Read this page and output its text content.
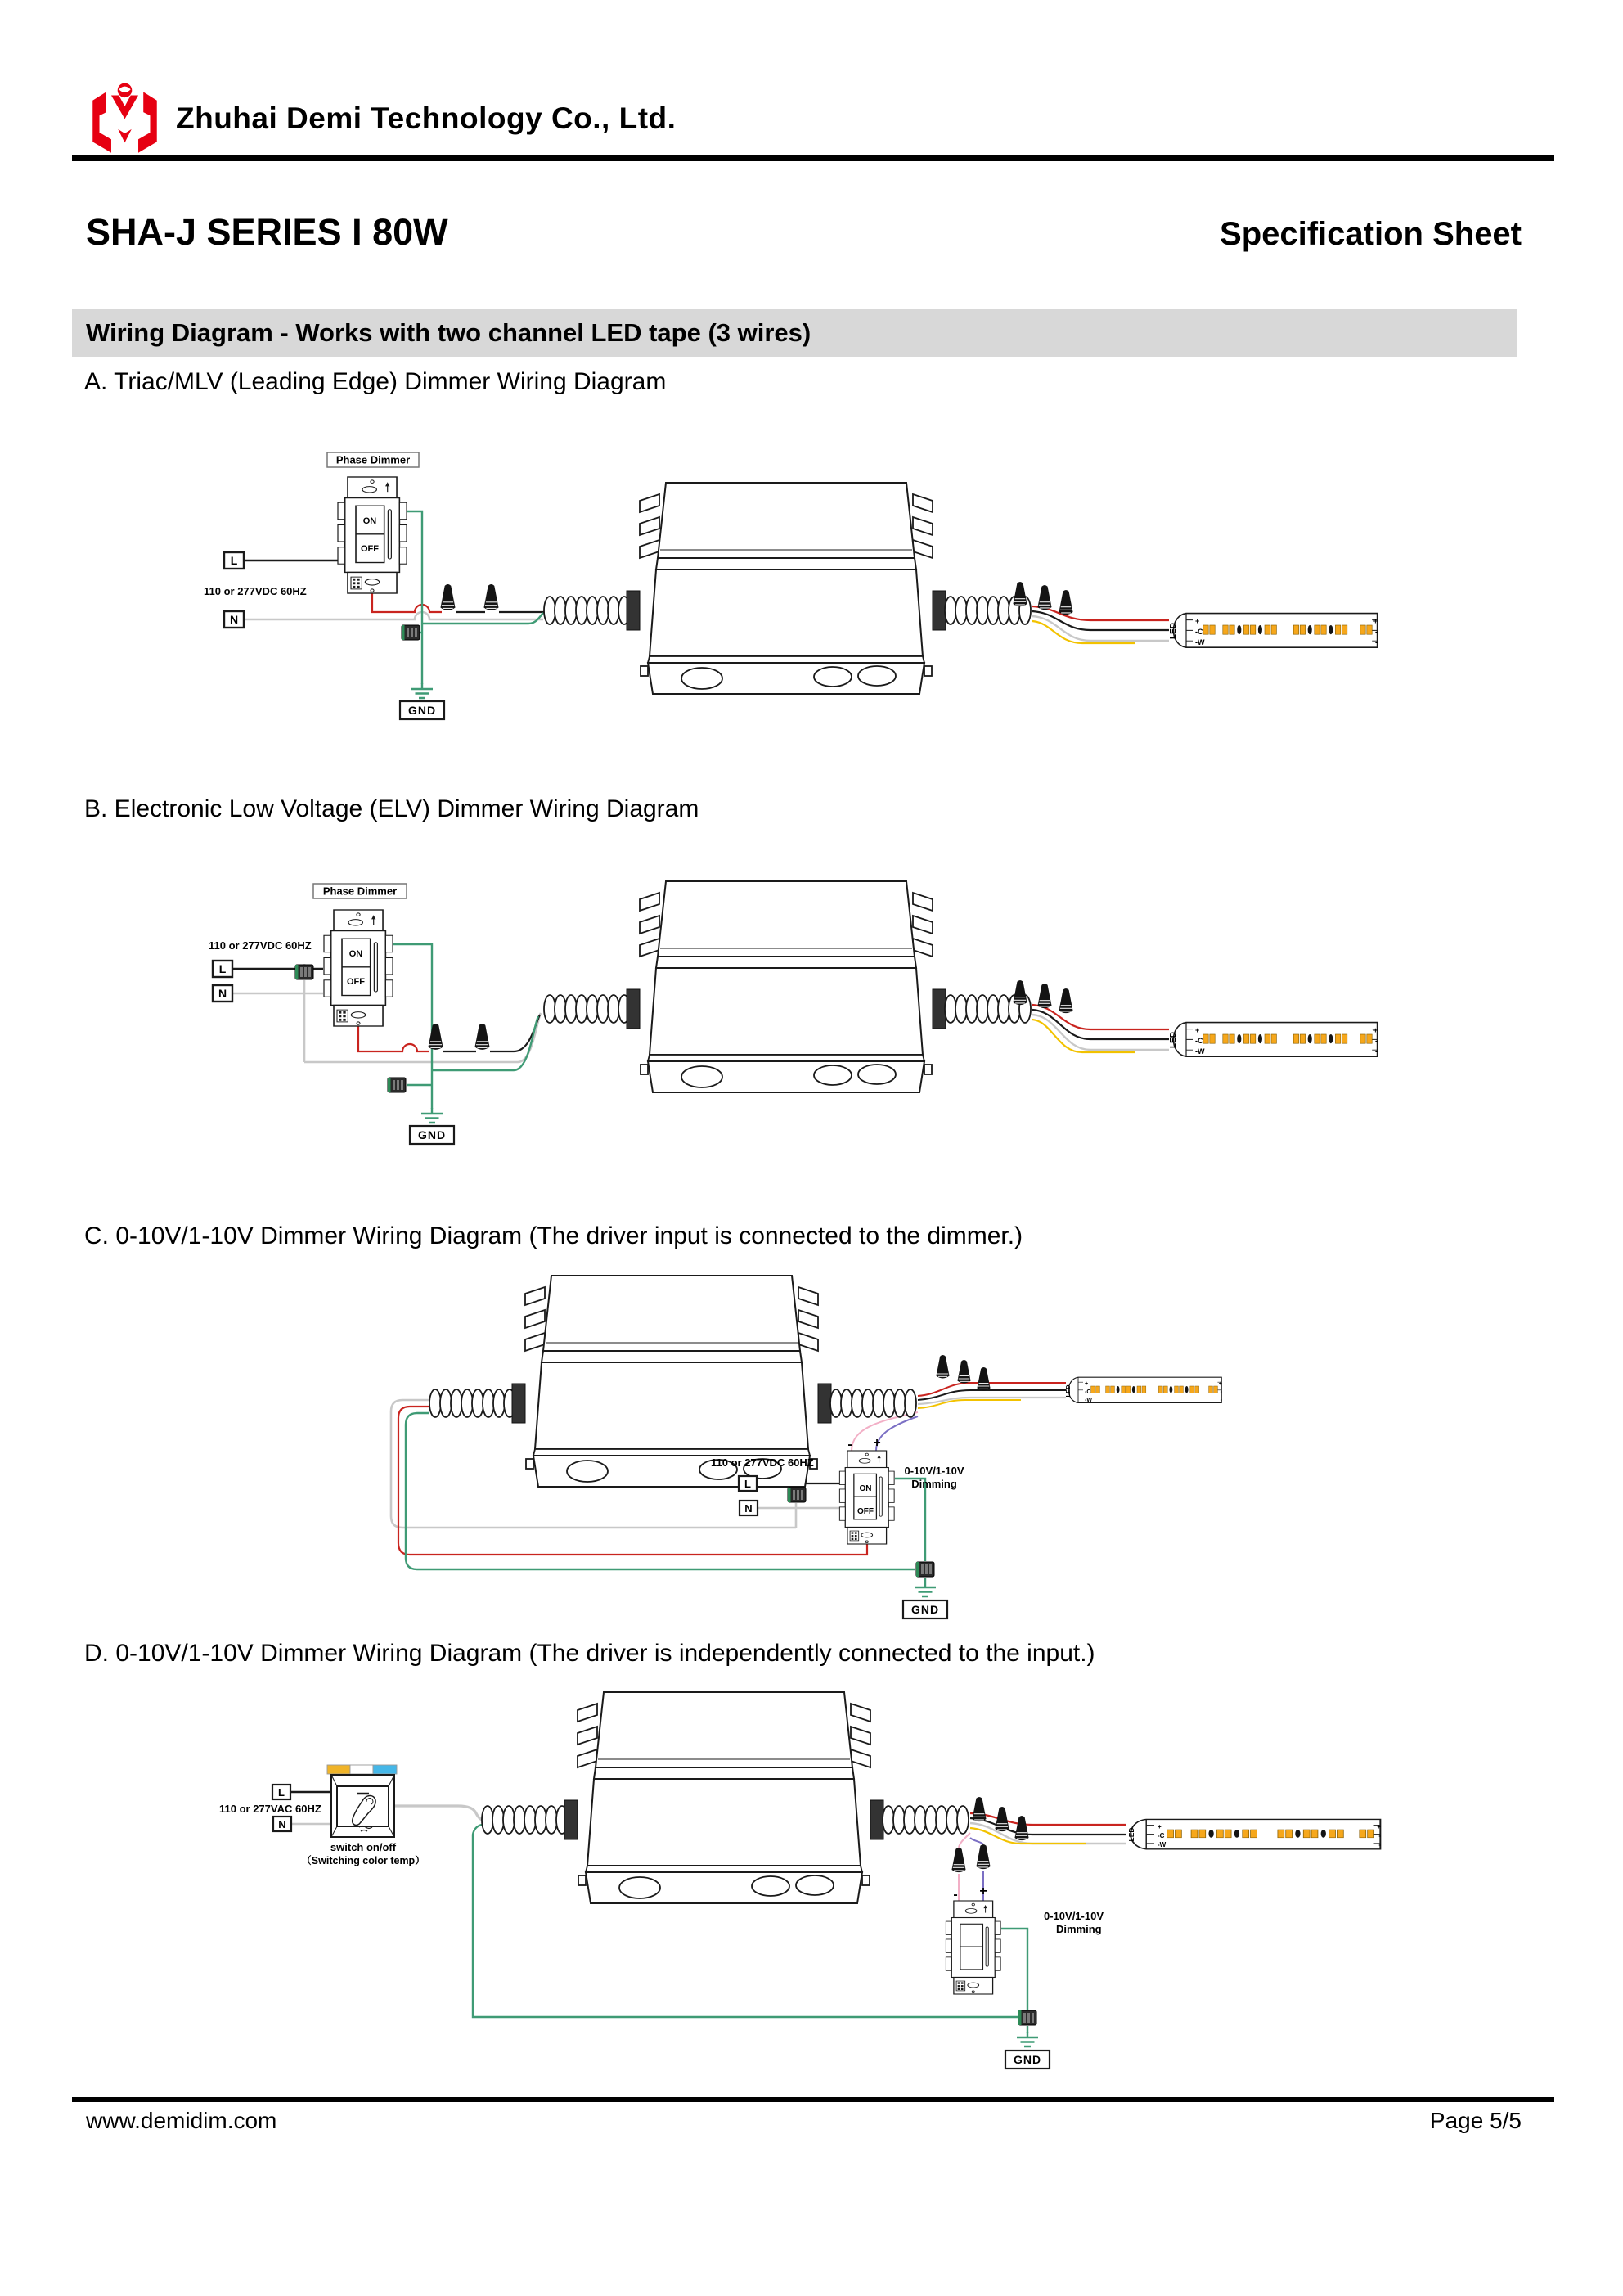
Zhuhai Demi Technology Co., Ltd.
SHA-J SERIES I 80W	Specification Sheet
Wiring Diagram - Works with two channel LED tape (3 wires)
A. Triac/MLV (Leading Edge) Dimmer Wiring Diagram
B. Electronic Low Voltage (ELV) Dimmer Wiring Diagram
C. 0-10V/1-10V Dimmer Wiring Diagram (The driver input is connected to the dimmer.)
D. 0-10V/1-10V Dimmer Wiring Diagram (The driver is independently connected to the input.)
Phase Dimmer
ON
OFF
L
110 or 277VDC 60HZ
N
LED
+
-C
-W
+
-
-
GND
Phase Dimmer
ON
OFF
110 or 277VDC 60HZ
L
N
LED
+
-C
-W
+
-
-
GND
LED
+
-C
-W
+
-
-
110 or 277VDC 60HZ
L
N
ON
OFF
- +
0-10V/1-10V
Dimming
GND
switch on/off
（Switching color temp）
L
110 or 277VAC 60HZ
N
LED
+
-C
-W
+
-
-
- +
0-10V/1-10V
Dimming
GND
www.demidim.com	Page 5/5
